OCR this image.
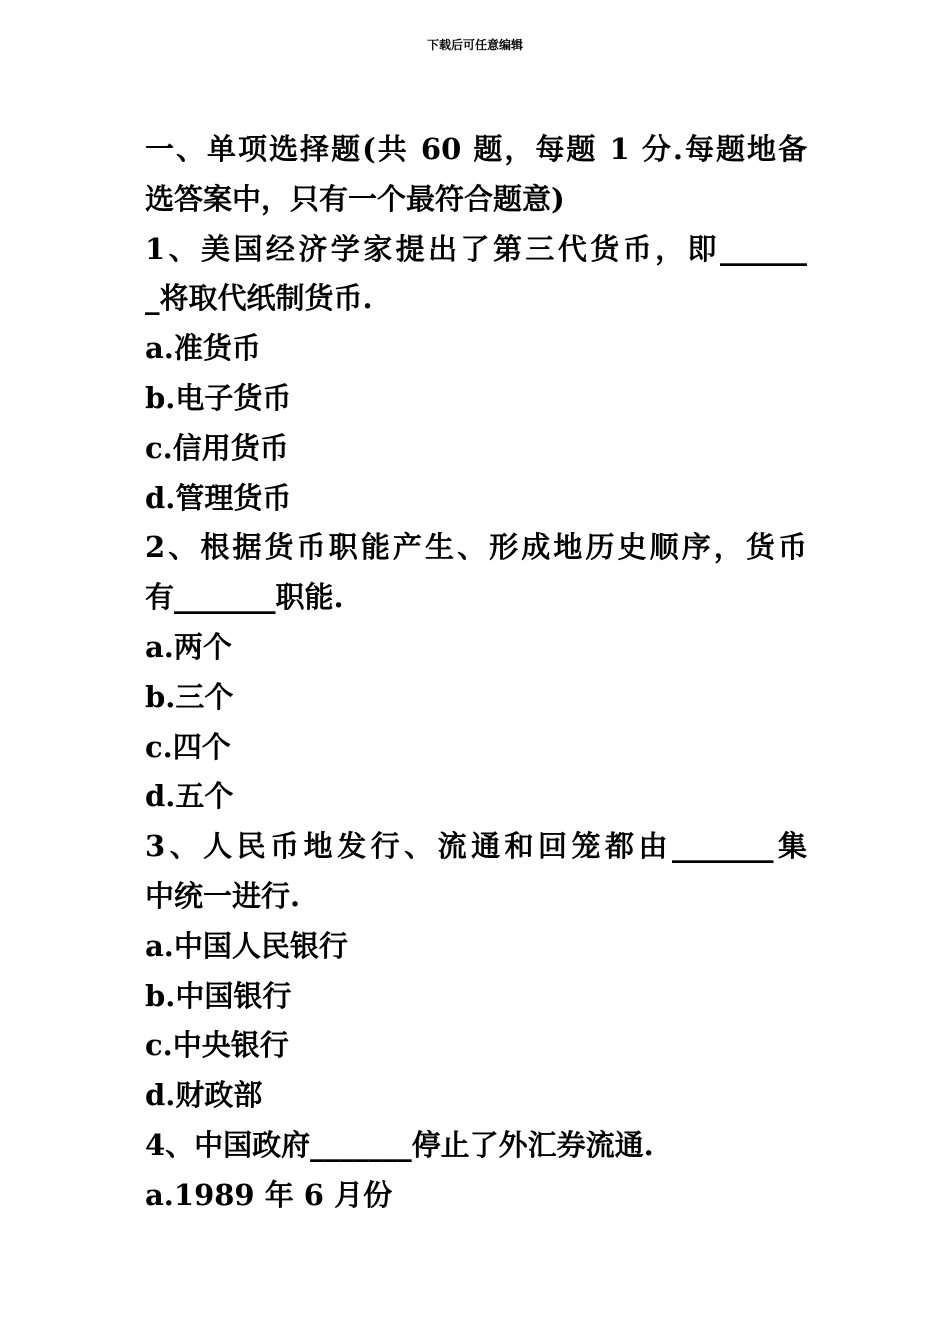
下载后可任意编辑
一、单项选择题(共 60 题，每题 1 分.每题地备
选答案中，只有一个最符合题意)
1、美国经济学家提出了第三代货币，即______
_将取代纸制货币.
a.准货币
b.电子货币
c.信用货币
d.管理货币
2、根据货币职能产生、形成地历史顺序，货币
有_______职能.
a.两个
b.三个
c.四个
d.五个
3、人民币地发行、流通和回笼都由_______集
中统一进行.
a.中国人民银行
b.中国银行
c.中央银行
d.财政部
4、中国政府_______停止了外汇券流通.
a.1989 年 6 月份
